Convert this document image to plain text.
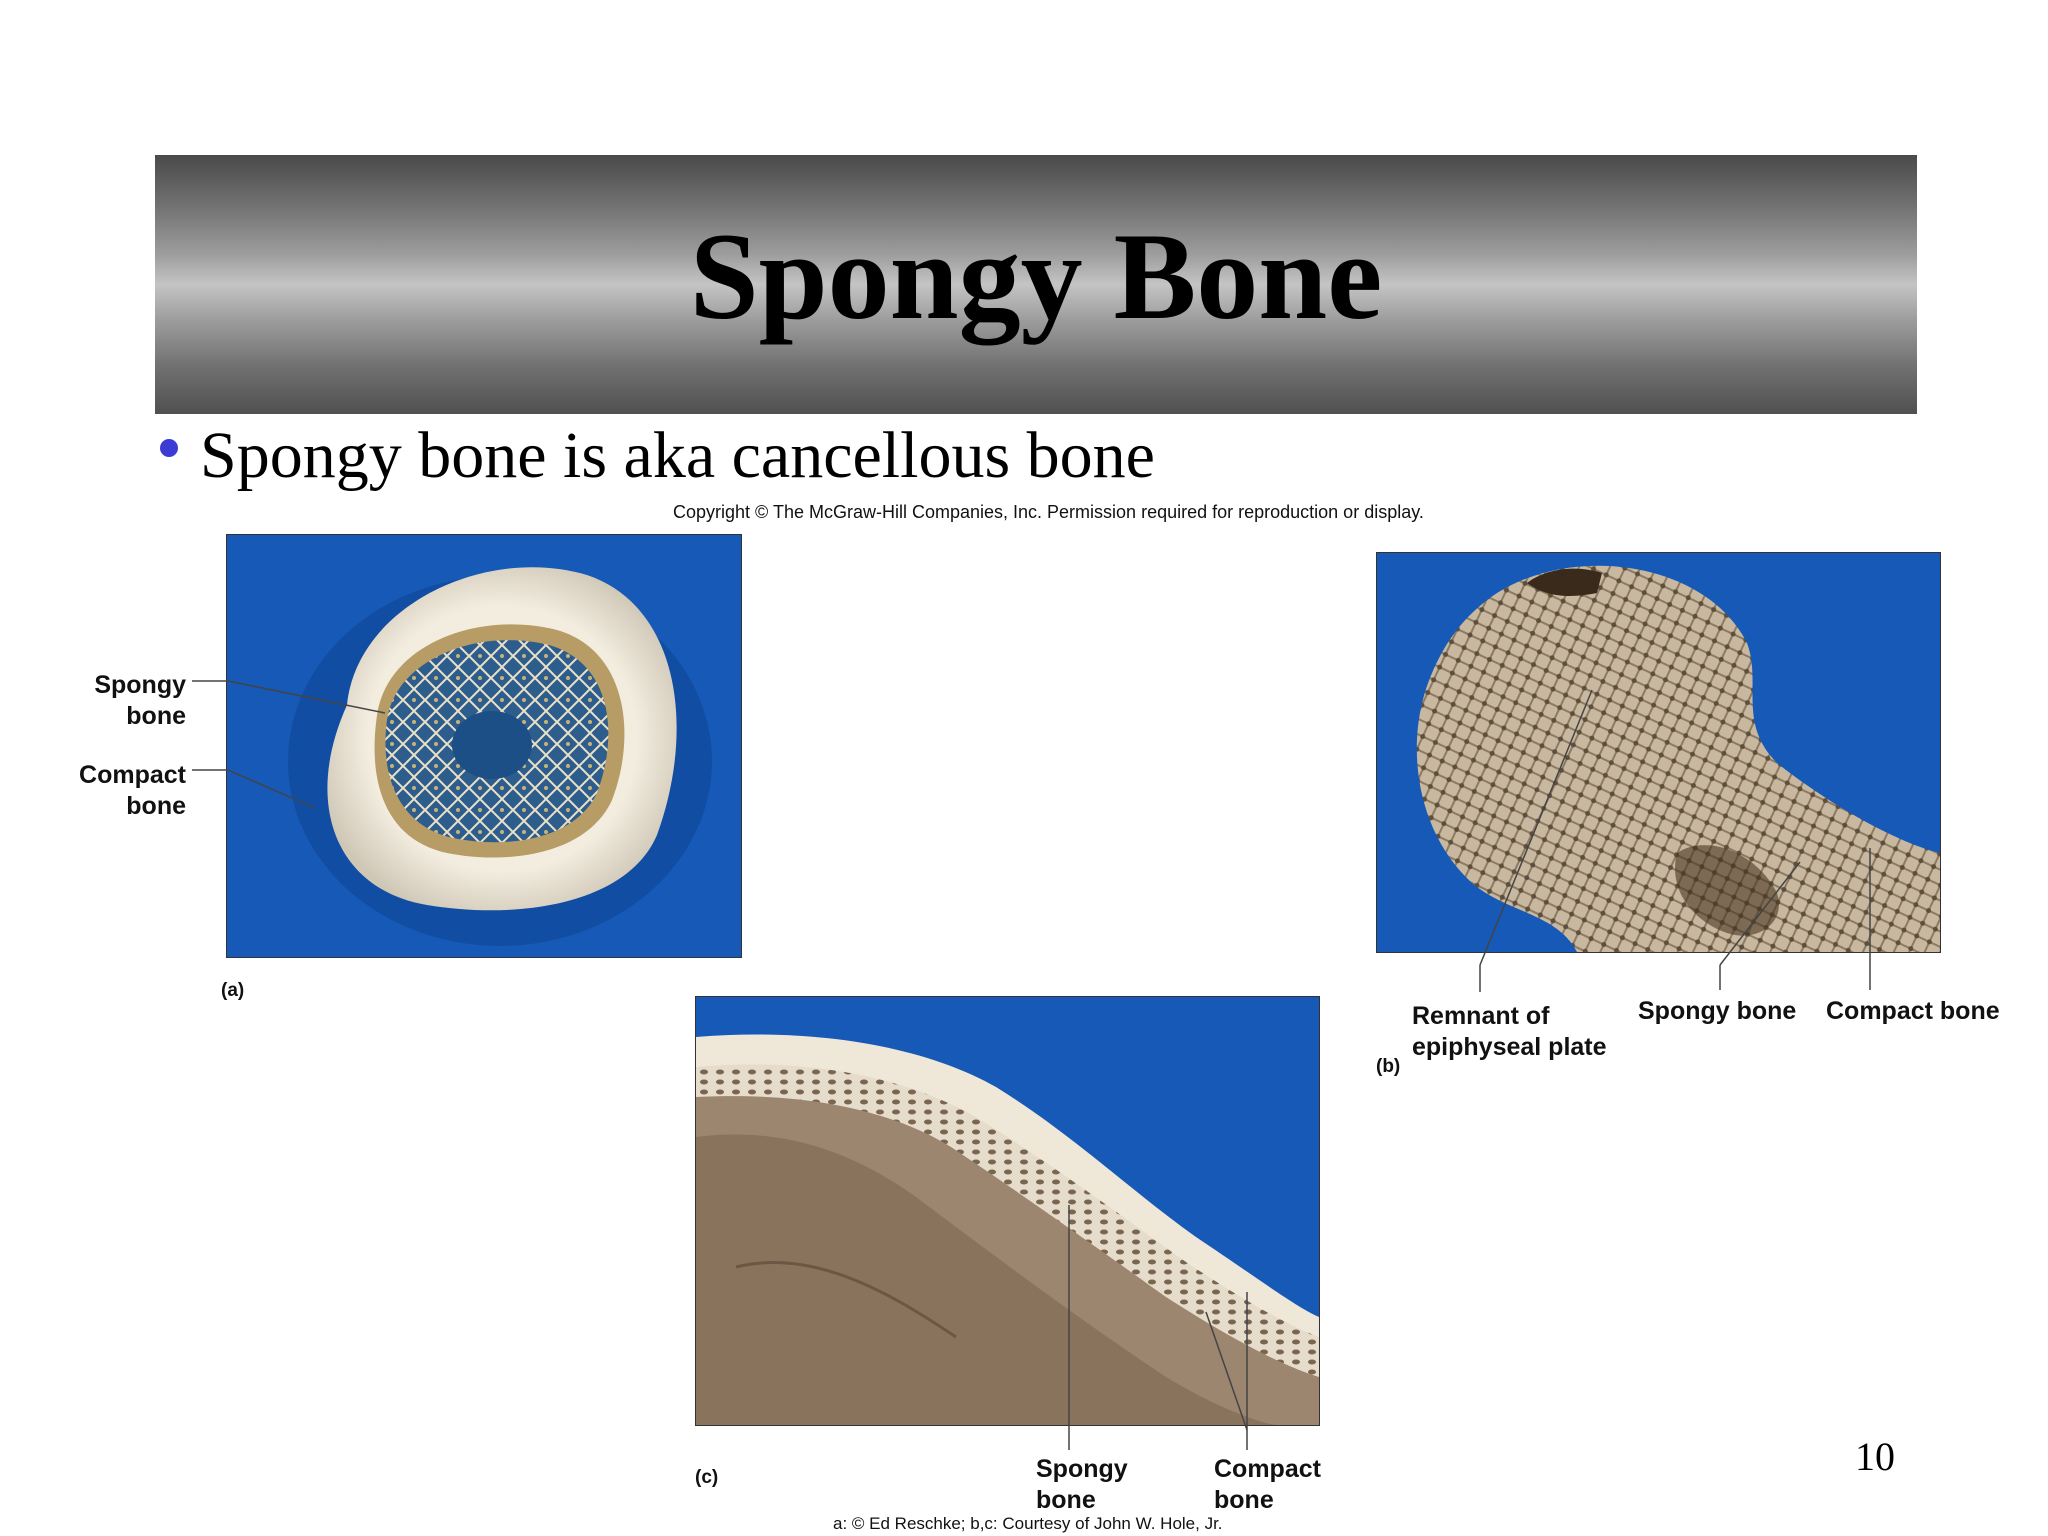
Spongy Bone
Spongy bone is aka cancellous bone
Copyright © The McGraw-Hill Companies, Inc. Permission required for reproduction or display.
(a)
Spongy
bone
Compact
bone
Remnant of
epiphyseal plate
Spongy bone Compact bone
(b)
(c)	Spongy
bone
Compact
bone
10
a: © Ed Reschke; b,c: Courtesy of John W. Hole, Jr.
